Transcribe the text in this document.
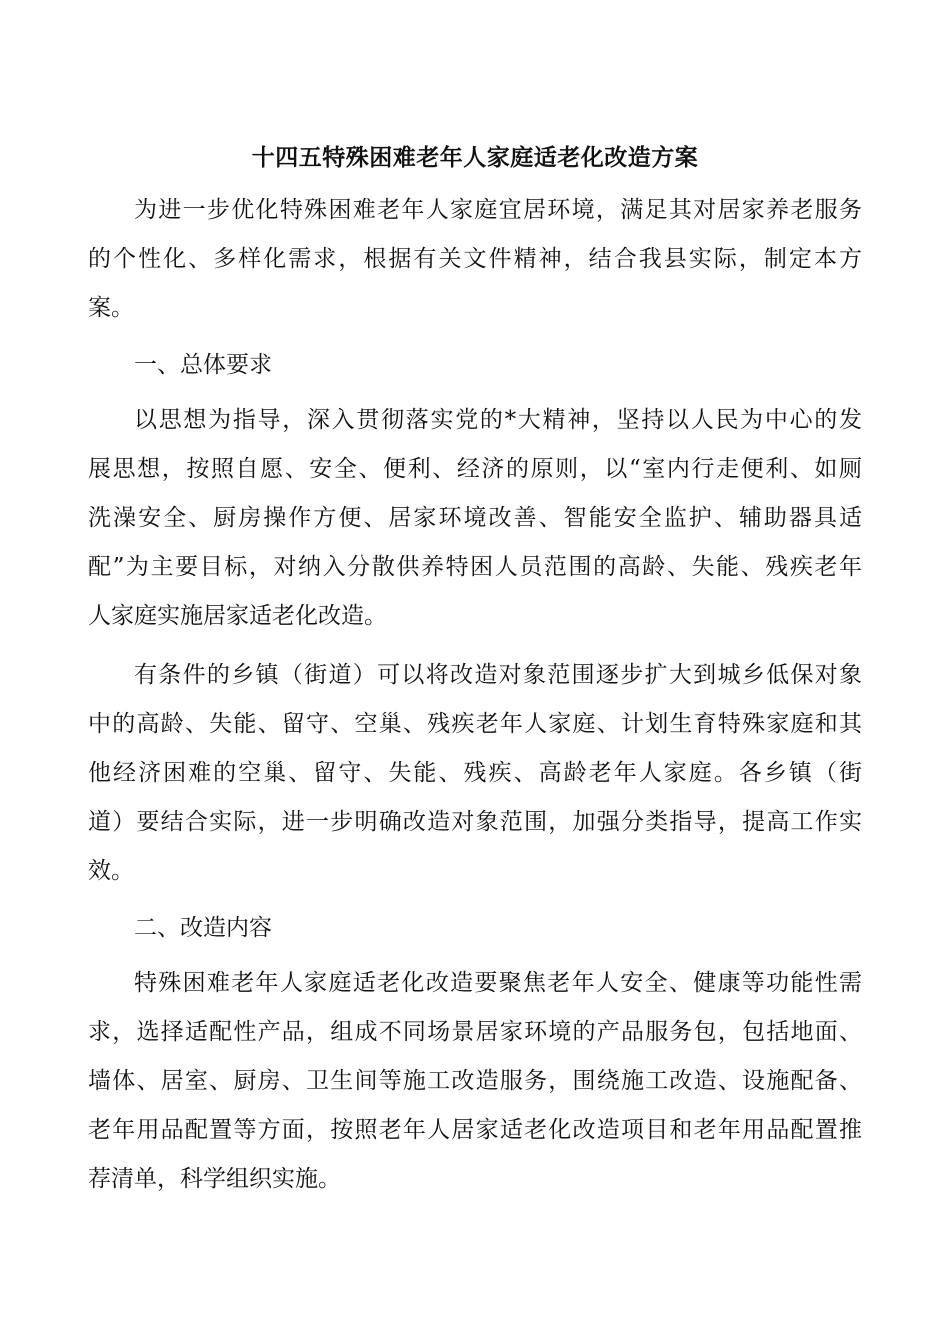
十四五特殊困难老年人家庭适老化改造方案
为进一步优化特殊困难老年人家庭宜居环境，满足其对居家养老服务
的个性化、多样化需求，根据有关文件精神，结合我县实际，制定本方
案。
一、总体要求
以思想为指导，深入贯彻落实党的*大精神，坚持以人民为中心的发
展思想，按照自愿、安全、便利、经济的原则，以“室内行走便利、如厕
洗澡安全、厨房操作方便、居家环境改善、智能安全监护、辅助器具适
配”为主要目标，对纳入分散供养特困人员范围的高龄、失能、残疾老年
人家庭实施居家适老化改造。
有条件的乡镇（街道）可以将改造对象范围逐步扩大到城乡低保对象
中的高龄、失能、留守、空巢、残疾老年人家庭、计划生育特殊家庭和其
他经济困难的空巢、留守、失能、残疾、高龄老年人家庭。各乡镇（街
道）要结合实际，进一步明确改造对象范围，加强分类指导，提高工作实
效。
二、改造内容
特殊困难老年人家庭适老化改造要聚焦老年人安全、健康等功能性需
求，选择适配性产品，组成不同场景居家环境的产品服务包，包括地面、
墙体、居室、厨房、卫生间等施工改造服务，围绕施工改造、设施配备、
老年用品配置等方面，按照老年人居家适老化改造项目和老年用品配置推
荐清单，科学组织实施。
